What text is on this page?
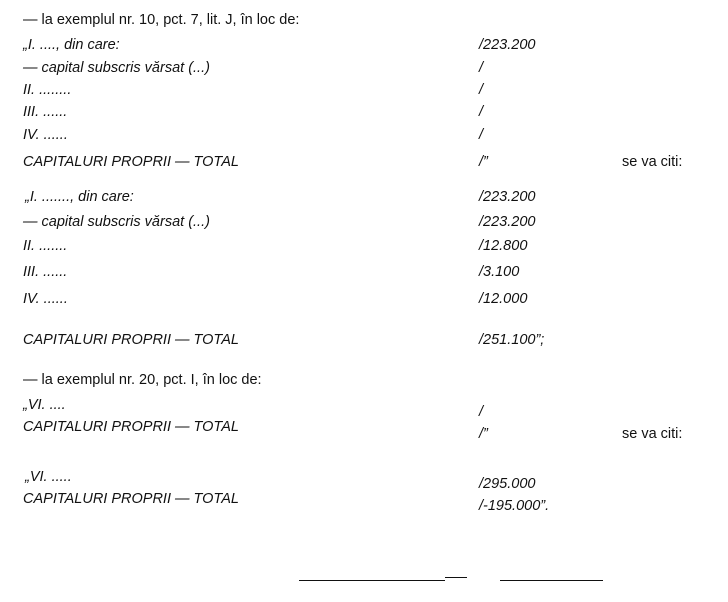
— la exemplul nr. 10, pct. 7, lit. J, în loc de:
„I. ...., din care:	/223.200
— capital subscris vărsat (...)	/
II. ........	/
III. ......	/
IV. ......	/
CAPITALURI PROPRII — TOTAL	/”	se va citi:
„I. ......., din care:	/223.200
— capital subscris vărsat (...)	/223.200
II. .......	/12.800
III. ......	/3.100
IV. ......	/12.000
CAPITALURI PROPRII — TOTAL	/251.100”;
— la exemplul nr. 20, pct. I, în loc de:
„VI. ....	/
CAPITALURI PROPRII — TOTAL	/”	se va citi:
„VI. .....	/295.000
CAPITALURI PROPRII — TOTAL	/-195.000”.
